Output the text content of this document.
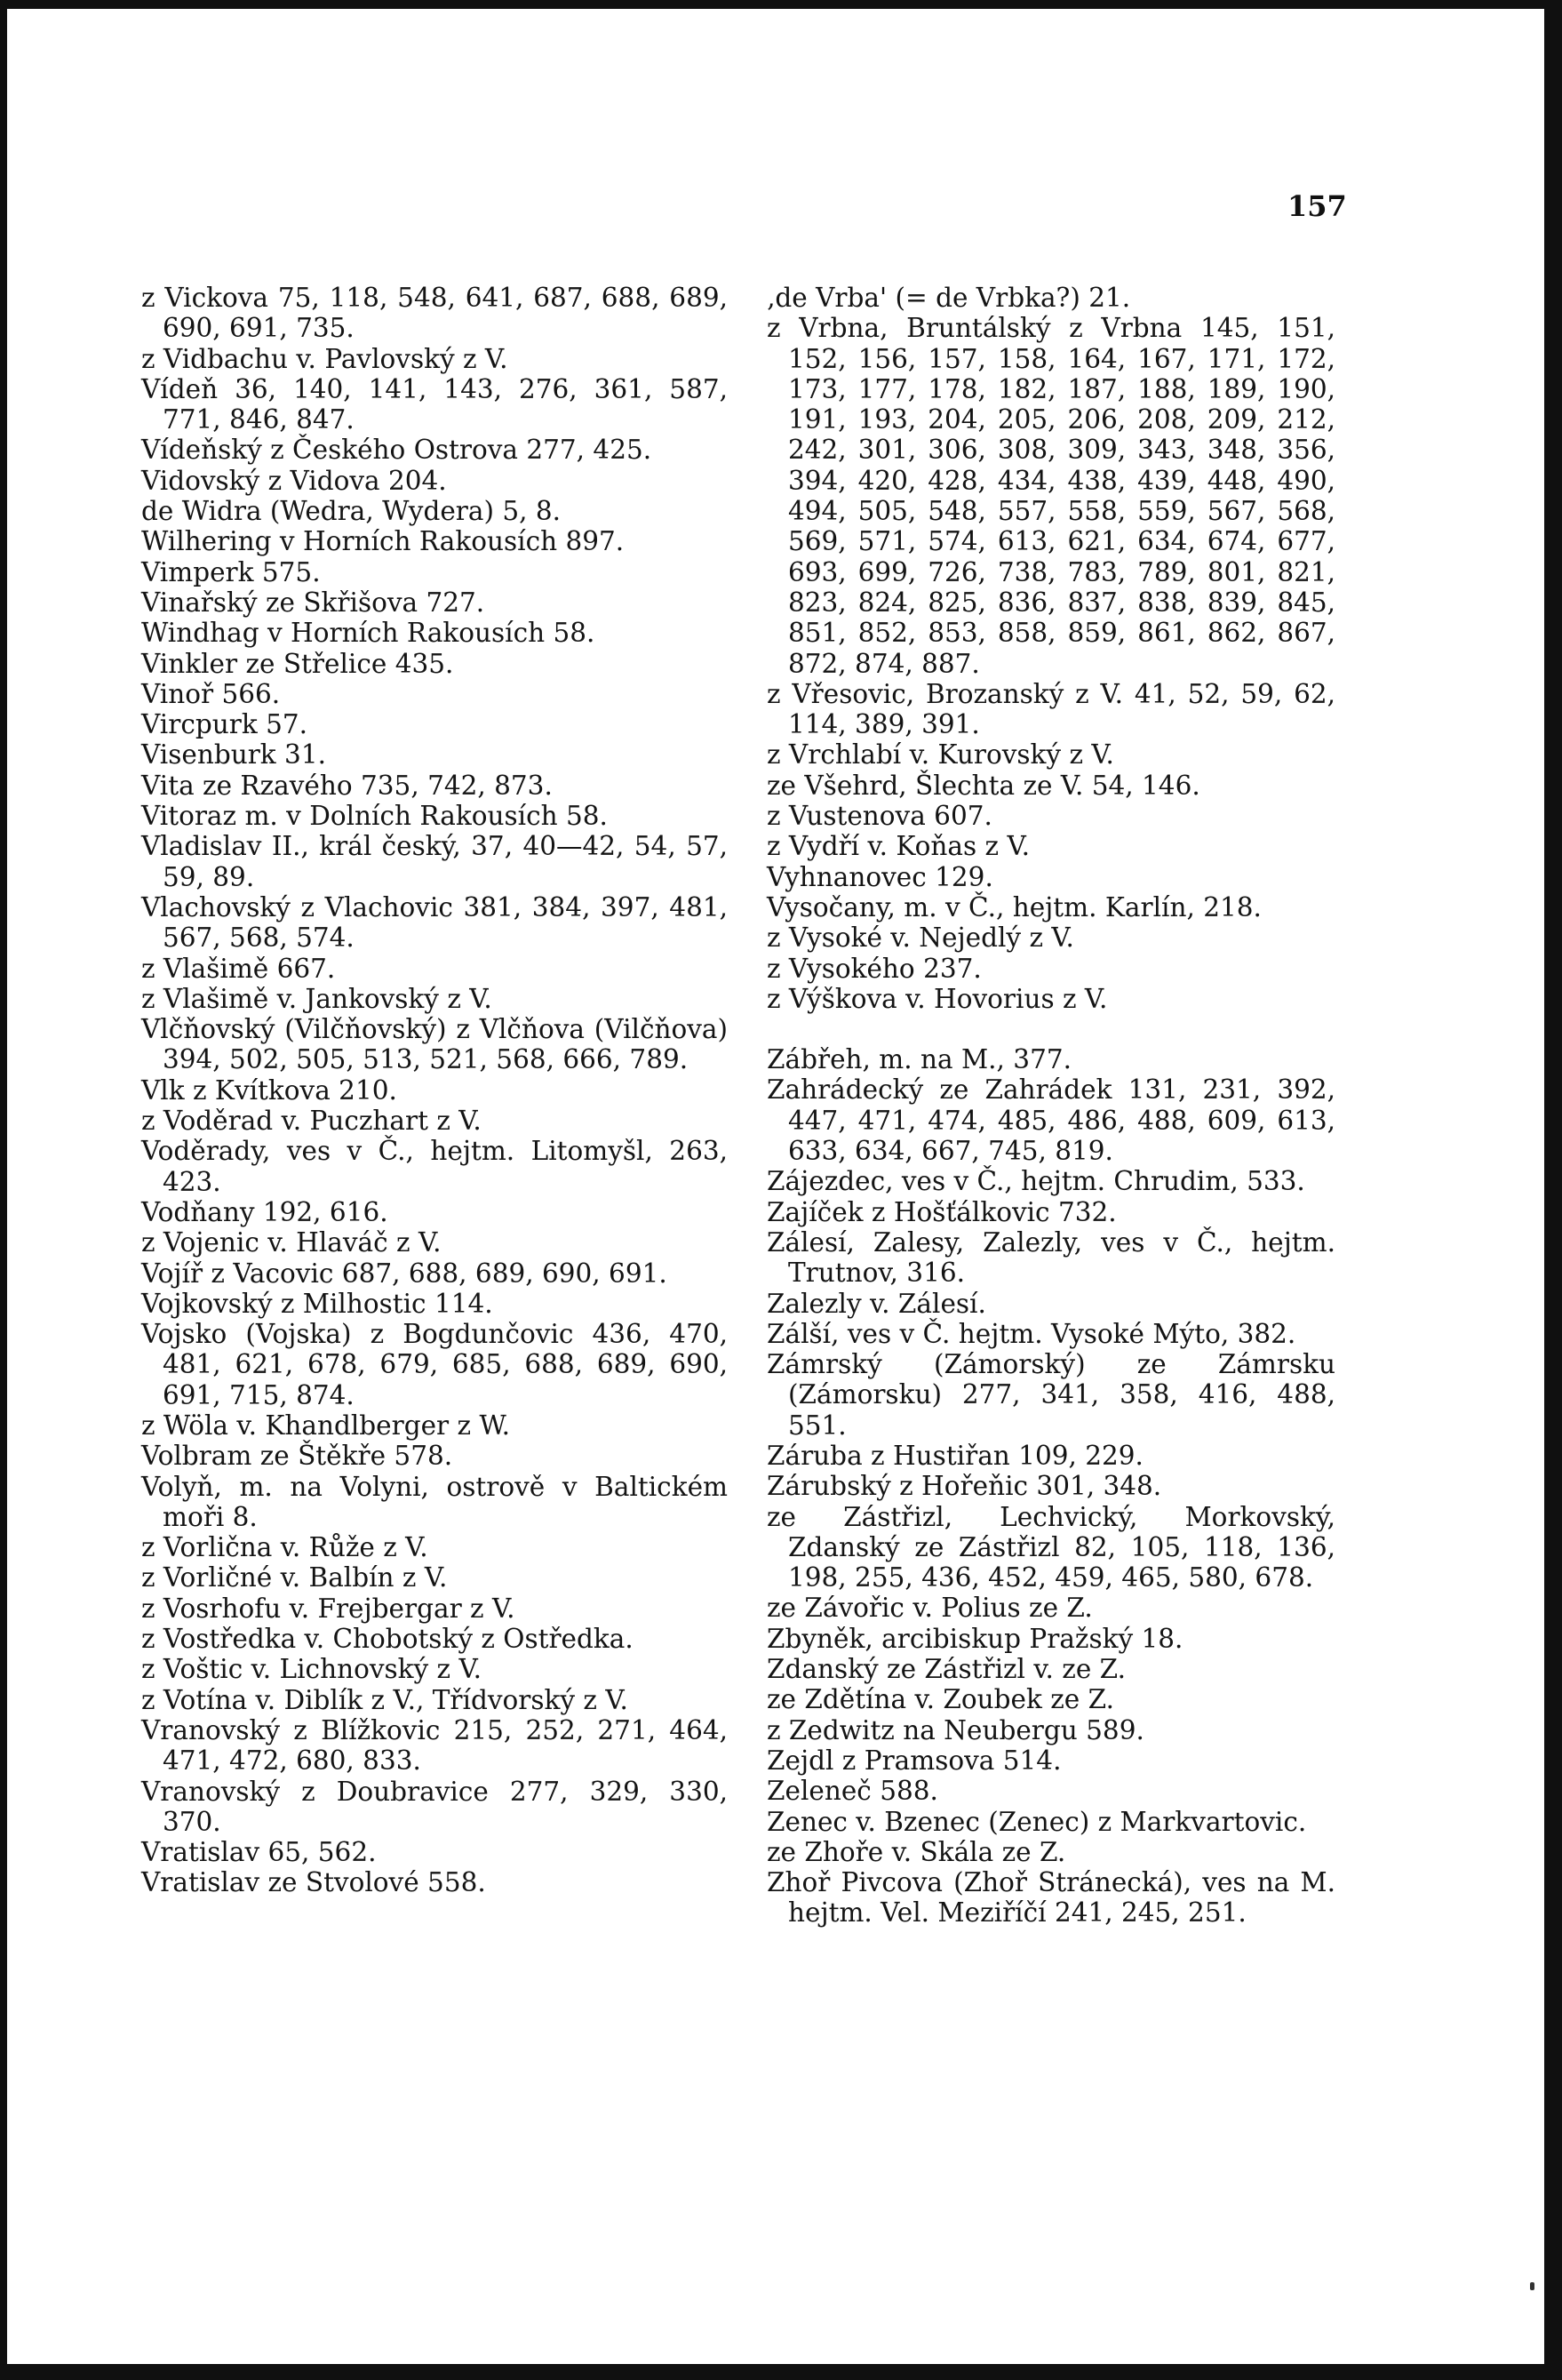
157
z Vickova 75, 118, 548, 641, 687, 688, 689, 690, 691, 735.
z Vidbachu v. Pavlovský z V.
Vídeň 36, 140, 141, 143, 276, 361, 587, 771, 846, 847.
Vídeňský z Českého Ostrova 277, 425.
Vidovský z Vidova 204.
de Widra (Wedra, Wydera) 5, 8.
Wilhering v Horních Rakousích 897.
Vimperk 575.
Vinařský ze Skřišova 727.
Windhag v Horních Rakousích 58.
Vinkler ze Střelice 435.
Vinoř 566.
Vircpurk 57.
Visenburk 31.
Vita ze Rzavého 735, 742, 873.
Vitoraz m. v Dolních Rakousích 58.
Vladislav II., král český, 37, 40—42, 54, 57, 59, 89.
Vlachovský z Vlachovic 381, 384, 397, 481, 567, 568, 574.
z Vlašimě 667.
z Vlašimě v. Jankovský z V.
Vlčňovský (Vilčňovský) z Vlčňova (Vilčňova) 394, 502, 505, 513, 521, 568, 666, 789.
Vlk z Kvítkova 210.
z Voděrad v. Puczhart z V.
Voděrady, ves v Č., hejtm. Litomyšl, 263, 423.
Vodňany 192, 616.
z Vojenic v. Hlaváč z V.
Vojíř z Vacovic 687, 688, 689, 690, 691.
Vojkovský z Milhostic 114.
Vojsko (Vojska) z Bogdunčovic 436, 470, 481, 621, 678, 679, 685, 688, 689, 690, 691, 715, 874.
z Wöla v. Khandlberger z W.
Volbram ze Štěkře 578.
Volyň, m. na Volyni, ostrově v Baltickém moři 8.
z Vorlična v. Růže z V.
z Vorličné v. Balbín z V.
z Vosrhofu v. Frejbergar z V.
z Vostředka v. Chobotský z Ostředka.
z Voštic v. Lichnovský z V.
z Votína v. Diblík z V., Třídvorský z V.
Vranovský z Blížkovic 215, 252, 271, 464, 471, 472, 680, 833.
Vranovský z Doubravice 277, 329, 330, 370.
Vratislav 65, 562.
Vratislav ze Stvolové 558.
‚de Vrba' (= de Vrbka?) 21.
z Vrbna, Bruntálský z Vrbna 145, 151, 152, 156, 157, 158, 164, 167, 171, 172, 173, 177, 178, 182, 187, 188, 189, 190, 191, 193, 204, 205, 206, 208, 209, 212, 242, 301, 306, 308, 309, 343, 348, 356, 394, 420, 428, 434, 438, 439, 448, 490, 494, 505, 548, 557, 558, 559, 567, 568, 569, 571, 574, 613, 621, 634, 674, 677, 693, 699, 726, 738, 783, 789, 801, 821, 823, 824, 825, 836, 837, 838, 839, 845, 851, 852, 853, 858, 859, 861, 862, 867, 872, 874, 887.
z Vřesovic, Brozanský z V. 41, 52, 59, 62, 114, 389, 391.
z Vrchlabí v. Kurovský z V.
ze Všehrd, Šlechta ze V. 54, 146.
z Vustenova 607.
z Vydří v. Koňas z V.
Vyhnanovec 129.
Vysočany, m. v Č., hejtm. Karlín, 218.
z Vysoké v. Nejedlý z V.
z Vysokého 237.
z Výškova v. Hovorius z V.
Zábřeh, m. na M., 377.
Zahrádecký ze Zahrádek 131, 231, 392, 447, 471, 474, 485, 486, 488, 609, 613, 633, 634, 667, 745, 819.
Zájezdec, ves v Č., hejtm. Chrudim, 533.
Zajíček z Hošťálkovic 732.
Zálesí, Zalesy, Zalezly, ves v Č., hejtm. Trutnov, 316.
Zalezly v. Zálesí.
Zálší, ves v Č. hejtm. Vysoké Mýto, 382.
Zámrský (Zámorský) ze Zámrsku (Zámorsku) 277, 341, 358, 416, 488, 551.
Záruba z Hustiřan 109, 229.
Zárubský z Hořeňic 301, 348.
ze Zástřizl, Lechvický, Morkovský, Zdanský ze Zástřizl 82, 105, 118, 136, 198, 255, 436, 452, 459, 465, 580, 678.
ze Závořic v. Polius ze Z.
Zbyněk, arcibiskup Pražský 18.
Zdanský ze Zástřizl v. ze Z.
ze Zdětína v. Zoubek ze Z.
z Zedwitz na Neubergu 589.
Zejdl z Pramsova 514.
Zeleneč 588.
Zenec v. Bzenec (Zenec) z Markvartovic.
ze Zhoře v. Skála ze Z.
Zhoř Pivcova (Zhoř Stránecká), ves na M. hejtm. Vel. Meziříčí 241, 245, 251.
